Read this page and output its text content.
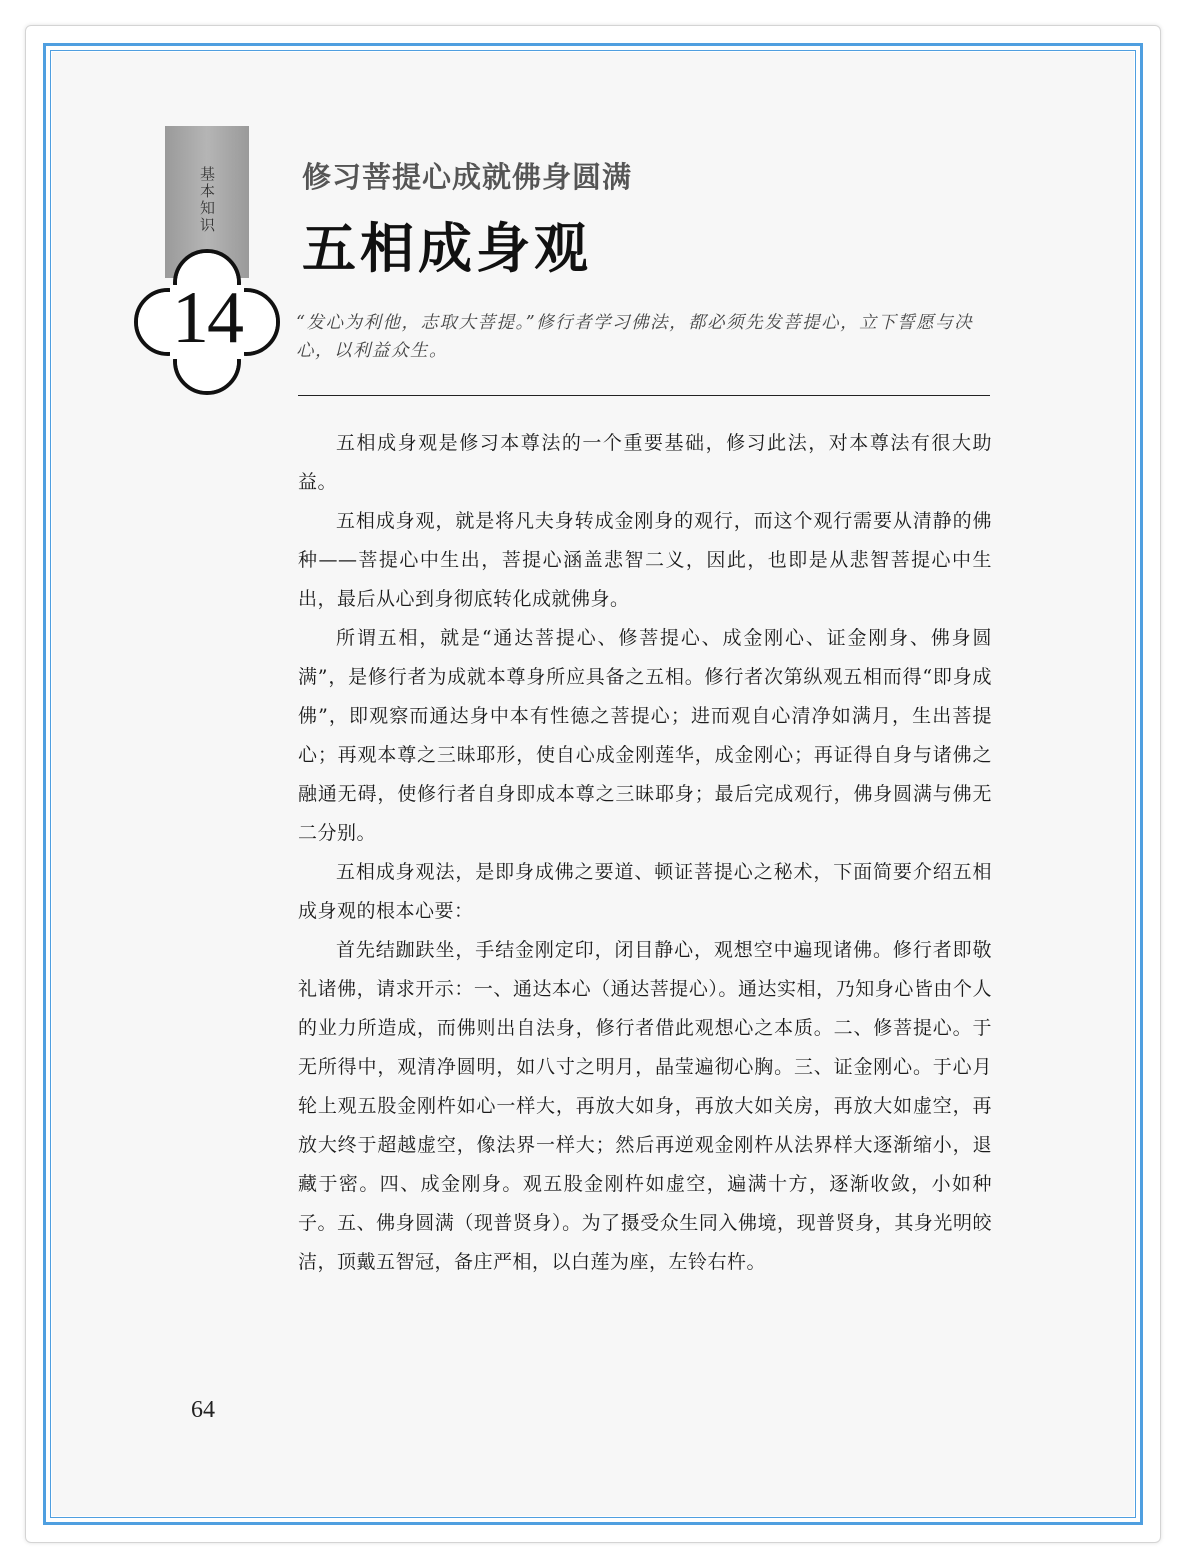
基本知识
14
修习菩提心成就佛身圆满
五相成身观

“发心为利他，志取大菩提。”修行者学习佛法，都必须先发菩提心，立下誓愿与决心，以利益众生。

五相成身观是修习本尊法的一个重要基础，修习此法，对本尊法有很大助益。

五相成身观，就是将凡夫身转成金刚身的观行，而这个观行需要从清静的佛种——菩提心中生出，菩提心涵盖悲智二义，因此，也即是从悲智菩提心中生出，最后从心到身彻底转化成就佛身。

所谓五相，就是“通达菩提心、修菩提心、成金刚心、证金刚身、佛身圆满”，是修行者为成就本尊身所应具备之五相。修行者次第纵观五相而得“即身成佛”，即观察而通达身中本有性德之菩提心；进而观自心清净如满月，生出菩提心；再观本尊之三昧耶形，使自心成金刚莲华，成金刚心；再证得自身与诸佛之融通无碍，使修行者自身即成本尊之三昧耶身；最后完成观行，佛身圆满与佛无二分别。

五相成身观法，是即身成佛之要道、顿证菩提心之秘术，下面简要介绍五相成身观的根本心要：

首先结跏趺坐，手结金刚定印，闭目静心，观想空中遍现诸佛。修行者即敬礼诸佛，请求开示：一、通达本心（通达菩提心）。通达实相，乃知身心皆由个人的业力所造成，而佛则出自法身，修行者借此观想心之本质。二、修菩提心。于无所得中，观清净圆明，如八寸之明月，晶莹遍彻心胸。三、证金刚心。于心月轮上观五股金刚杵如心一样大，再放大如身，再放大如关房，再放大如虚空，再放大终于超越虚空，像法界一样大；然后再逆观金刚杵从法界样大逐渐缩小，退藏于密。四、成金刚身。观五股金刚杵如虚空，遍满十方，逐渐收敛，小如种子。五、佛身圆满（现普贤身）。为了摄受众生同入佛境，现普贤身，其身光明皎洁，顶戴五智冠，备庄严相，以白莲为座，左铃右杵。

64
